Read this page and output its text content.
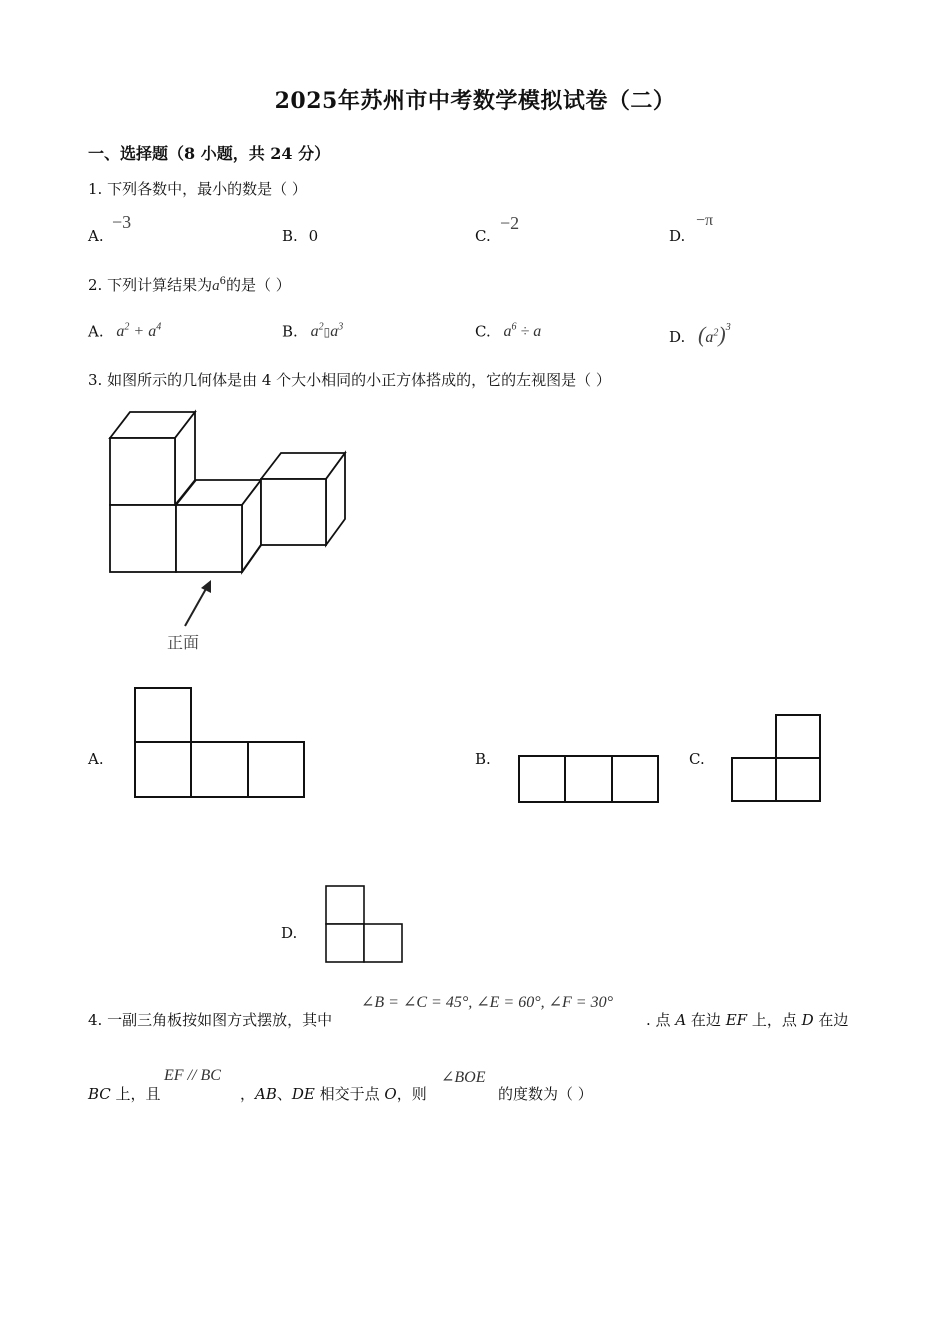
2025年苏州市中考数学模拟试卷（二）
一、选择题（8 小题，共 24 分）
1. 下列各数中，最小的数是（ ）
A.
−3
B. 0	C.
−2
D.
−π
2. 下列计算结果为$a^6$的是（ ）
A. $a^2 + a^4$	B. $a^2▯a^3$	C. $a^6 \div a$	D. $(a^2)^3$
3. 如图所示的几何体是由 4 个大小相同的小正方体搭成的，它的左视图是（ ）
正面
A.	B.	C.
D.
4. 一副三角板按如图方式摆放，其中
∠B = ∠C = 45°, ∠E = 60°, ∠F = 30°
. 点 A 在边 EF 上，点 D 在边
BC 上，且
EF // BC
，AB、DE 相交于点 O，则
∠BOE
的度数为（ ）
